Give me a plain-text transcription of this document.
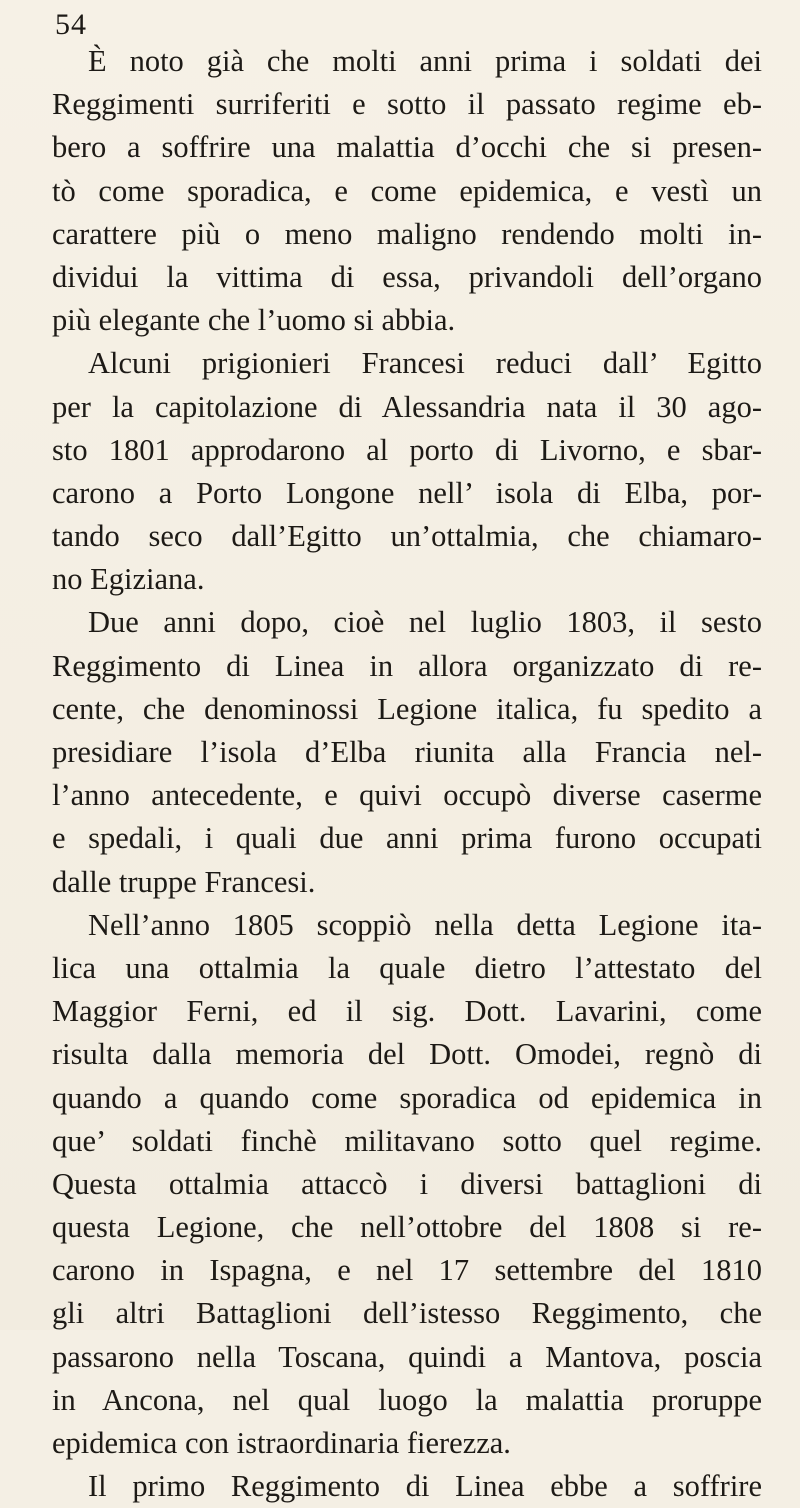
54

È noto già che molti anni prima i soldati dei
Reggimenti surriferiti e sotto il passato regime eb-
bero a soffrire una malattia d’occhi che si presen-
tò come sporadica, e come epidemica, e vestì un
carattere più o meno maligno rendendo molti in-
dividui la vittima di essa, privandoli dell’organo
più elegante che l’uomo si abbia.

Alcuni prigionieri Francesi reduci dall’ Egitto
per la capitolazione di Alessandria nata il 30 ago-
sto 1801 approdarono al porto di Livorno, e sbar-
carono a Porto Longone nell’ isola di Elba, por-
tando seco dall’Egitto un’ottalmia, che chiamaro-
no Egiziana.

Due anni dopo, cioè nel luglio 1803, il sesto
Reggimento di Linea in allora organizzato di re-
cente, che denominossi Legione italica, fu spedito a
presidiare l’isola d’Elba riunita alla Francia nel-
l’anno antecedente, e quivi occupò diverse caserme
e spedali, i quali due anni prima furono occupati
dalle truppe Francesi.

Nell’anno 1805 scoppiò nella detta Legione ita-
lica una ottalmia la quale dietro l’attestato del
Maggior Ferni, ed il sig. Dott. Lavarini, come
risulta dalla memoria del Dott. Omodei, regnò di
quando a quando come sporadica od epidemica in
que’ soldati finchè militavano sotto quel regime.
Questa ottalmia attaccò i diversi battaglioni di
questa Legione, che nell’ottobre del 1808 si re-
carono in Ispagna, e nel 17 settembre del 1810
gli altri Battaglioni dell’istesso Reggimento, che
passarono nella Toscana, quindi a Mantova, poscia
in Ancona, nel qual luogo la malattia proruppe
epidemica con istraordinaria fierezza.

Il primo Reggimento di Linea ebbe a soffrire
